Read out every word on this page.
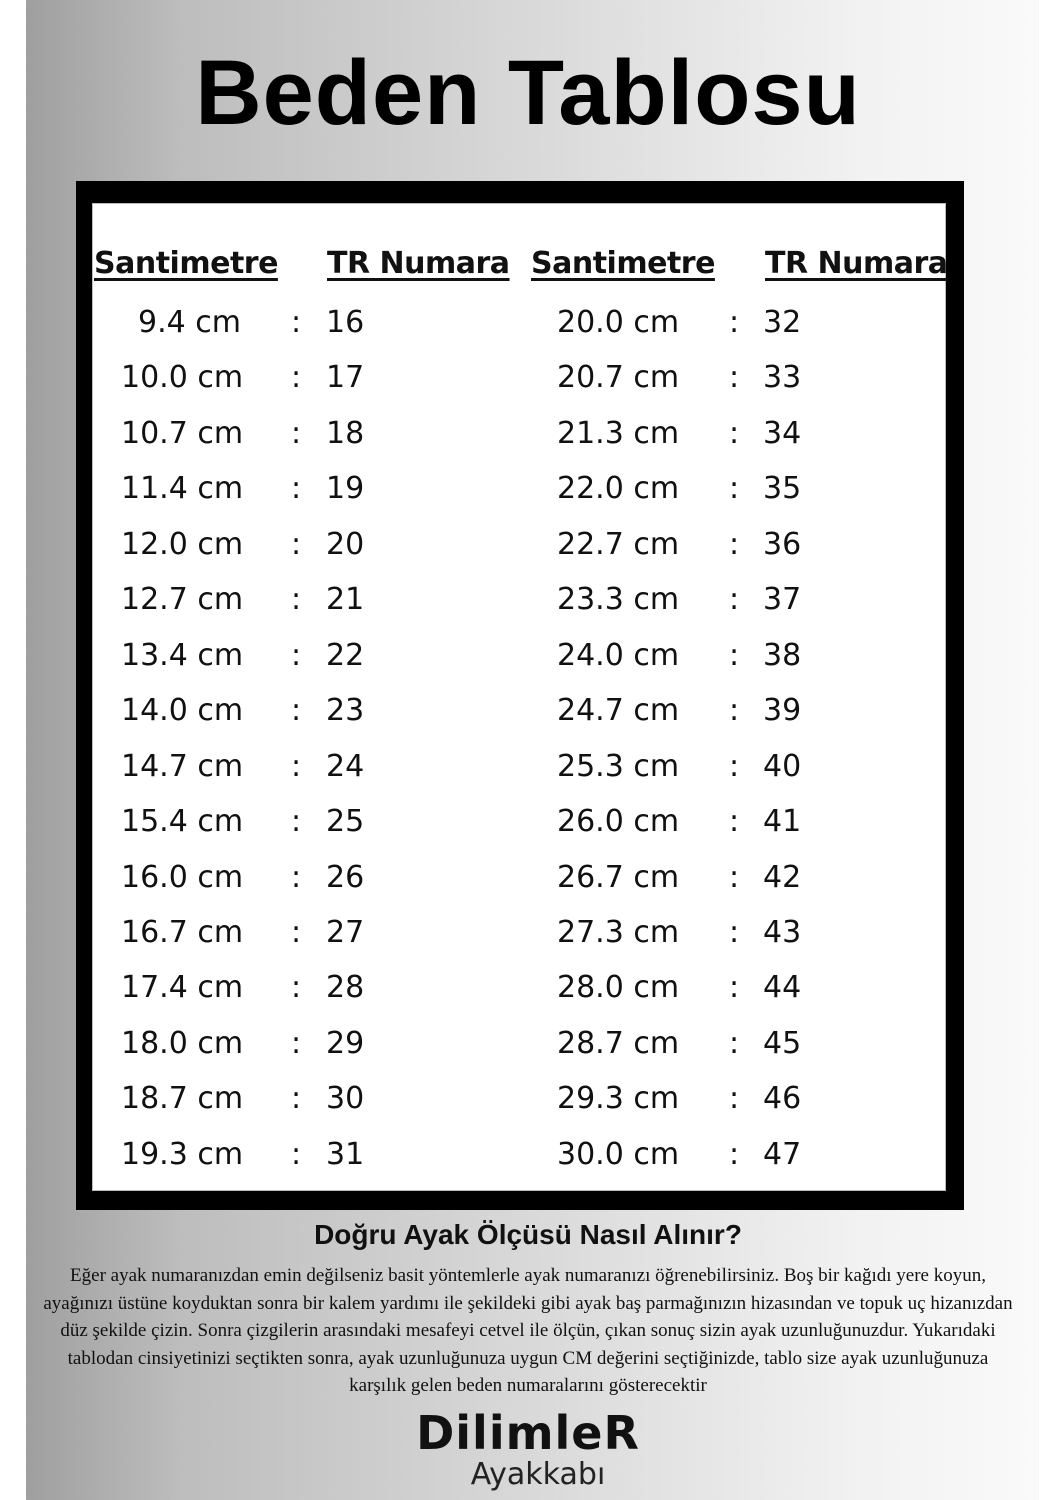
Beden Tablosu
Santimetre TR Numara Santimetre TR Numara
9.4 cm : 16	20.0 cm : 32
10.0 cm : 17	20.7 cm : 33
10.7 cm : 18	21.3 cm : 34
11.4 cm : 19	22.0 cm : 35
12.0 cm : 20	22.7 cm : 36
12.7 cm : 21	23.3 cm : 37
13.4 cm : 22	24.0 cm : 38
14.0 cm : 23	24.7 cm : 39
14.7 cm : 24	25.3 cm : 40
15.4 cm : 25	26.0 cm : 41
16.0 cm : 26	26.7 cm : 42
16.7 cm : 27	27.3 cm : 43
17.4 cm : 28	28.0 cm : 44
18.0 cm : 29	28.7 cm : 45
18.7 cm : 30	29.3 cm : 46
19.3 cm : 31	30.0 cm : 47
Doğru Ayak Ölçüsü Nasıl Alınır?
Eğer ayak numaranızdan emin değilseniz basit yöntemlerle ayak numaranızı öğrenebilirsiniz. Boş bir kağıdı yere koyun, ayağınızı üstüne koyduktan sonra bir kalem yardımı ile şekildeki gibi ayak baş parmağınızın hizasından ve topuk uç hizanızdan düz şekilde çizin. Sonra çizgilerin arasındaki mesafeyi cetvel ile ölçün, çıkan sonuç sizin ayak uzunluğunuzdur. Yukarıdaki tablodan cinsiyetinizi seçtikten sonra, ayak uzunluğunuza uygun CM değerini seçtiğinizde, tablo size ayak uzunluğunuza karşılık gelen beden numaralarını gösterecektir
DilimleR
Ayakkabı
